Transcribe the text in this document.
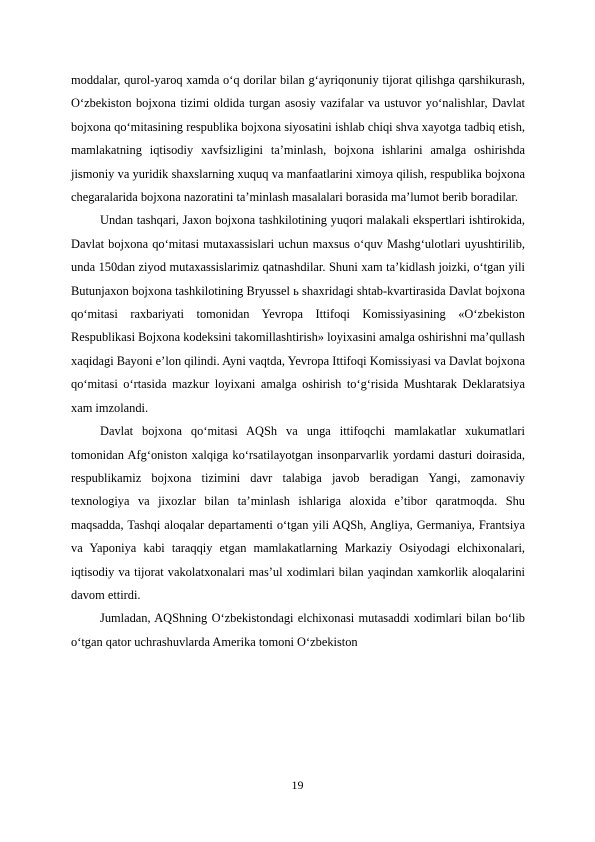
moddalar, qurol-yaroq xamda o‘q dorilar bilan g‘ayriqonuniy tijorat qilishga qarshikurash, O‘zbekiston bojxona tizimi oldida turgan asosiy vazifalar va ustuvor yo‘nalishlar, Davlat bojxona qo‘mitasining respublika bojxona siyosatini ishlab chiqi shva xayotga tadbiq etish, mamlakatning iqtisodiy xavfsizligini ta’minlash, bojxona ishlarini amalga oshirishda jismoniy va yuridik shaxslarning xuquq va manfaatlarini ximoya qilish, respublika bojxona chegaralarida bojxona nazoratini ta’minlash masalalari borasida ma’lumot berib boradilar.

Undan tashqari, Jaxon bojxona tashkilotining yuqori malakali ekspertlari ishtirokida, Davlat bojxona qo‘mitasi mutaxassislari uchun maxsus o‘quv Mashg‘ulotlari uyushtirilib, unda 150dan ziyod mutaxassislarimiz qatnashdilar. Shuni xam ta’kidlash joizki, o‘tgan yili Butunjaxon bojxona tashkilotining Bryussel ь shaxridagi shtab-kvartirasida Davlat bojxona qo‘mitasi raxbariyati tomonidan Yevropa Ittifoqi Komissiyasining «O‘zbekiston Respublikasi Bojxona kodeksini takomillashtirish» loyixasini amalga oshirishni ma’qullash xaqidagi Bayoni e’lon qilindi. Ayni vaqtda, Yevropa Ittifoqi Komissiyasi va Davlat bojxona qo‘mitasi o‘rtasida mazkur loyixani amalga oshirish to‘g‘risida Mushtarak Deklaratsiya xam imzolandi.

Davlat bojxona qo‘mitasi AQSh va unga ittifoqchi mamlakatlar xukumatlari tomonidan Afg‘oniston xalqiga ko‘rsatilayotgan insonparvarlik yordami dasturi doirasida, respublikamiz bojxona tizimini davr talabiga javob beradigan Yangi, zamonaviy texnologiya va jixozlar bilan ta’minlash ishlariga aloxida e’tibor qaratmoqda. Shu maqsadda, Tashqi aloqalar departamenti o‘tgan yili AQSh, Angliya, Germaniya, Frantsiya va Yaponiya kabi taraqqiy etgan mamlakatlarning Markaziy Osiyodagi elchixonalari, iqtisodiy va tijorat vakolatxonalari mas’ul xodimlari bilan yaqindan xamkorlik aloqalarini davom ettirdi.

Jumladan, AQShning O‘zbekistondagi elchixonasi mutasaddi xodimlari bilan bo‘lib o‘tgan qator uchrashuvlarda Amerika tomoni O‘zbekiston

19
